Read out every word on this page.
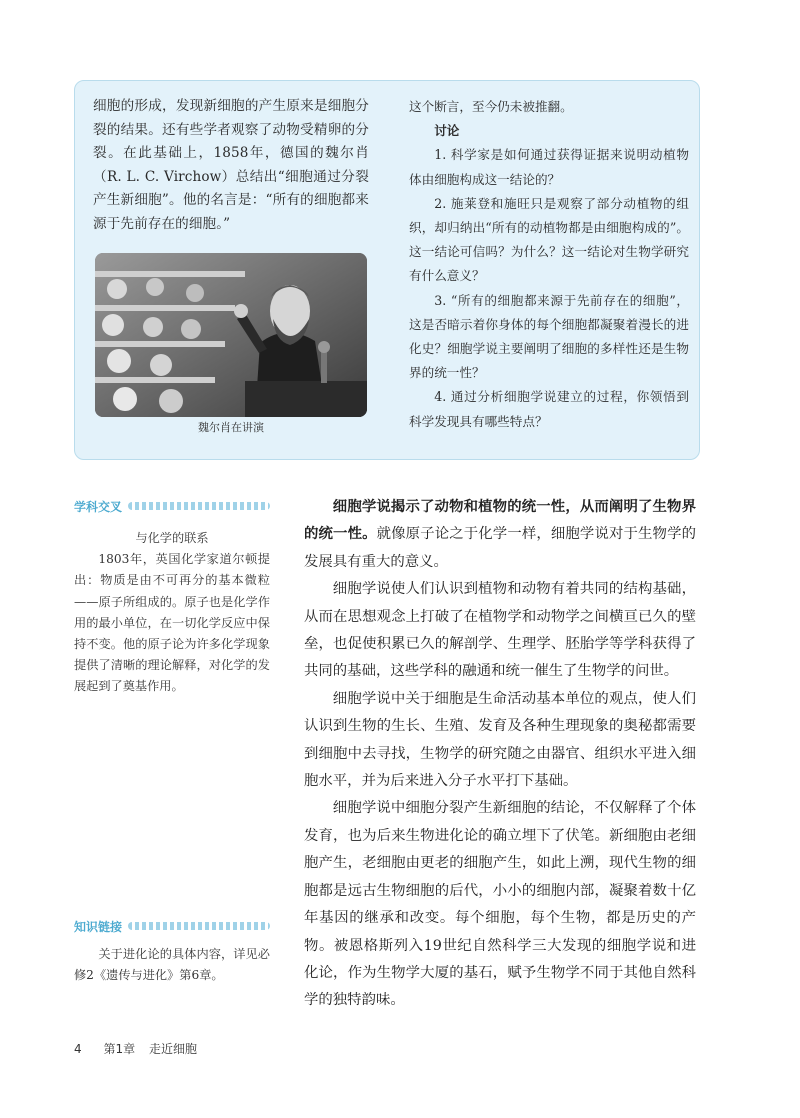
细胞的形成，发现新细胞的产生原来是细胞分裂的结果。还有些学者观察了动物受精卵的分裂。在此基础上，1858年，德国的魏尔肖（R. L. C. Virchow）总结出“细胞通过分裂产生新细胞”。他的名言是：“所有的细胞都来源于先前存在的细胞。”

魏尔肖在讲演

这个断言，至今仍未被推翻。

讨论

1. 科学家是如何通过获得证据来说明动植物体由细胞构成这一结论的？

2. 施莱登和施旺只是观察了部分动植物的组织，却归纳出“所有的动植物都是由细胞构成的”。这一结论可信吗？为什么？这一结论对生物学研究有什么意义？

3. “所有的细胞都来源于先前存在的细胞”，这是否暗示着你身体的每个细胞都凝聚着漫长的进化史？细胞学说主要阐明了细胞的多样性还是生物界的统一性？

4. 通过分析细胞学说建立的过程，你领悟到科学发现具有哪些特点？

学科交叉

与化学的联系

1803年，英国化学家道尔顿提出：物质是由不可再分的基本微粒——原子所组成的。原子也是化学作用的最小单位，在一切化学反应中保持不变。他的原子论为许多化学现象提供了清晰的理论解释，对化学的发展起到了奠基作用。

知识链接

关于进化论的具体内容，详见必修2《遗传与进化》第6章。

细胞学说揭示了动物和植物的统一性，从而阐明了生物界的统一性。就像原子论之于化学一样，细胞学说对于生物学的发展具有重大的意义。

细胞学说使人们认识到植物和动物有着共同的结构基础，从而在思想观念上打破了在植物学和动物学之间横亘已久的壁垒，也促使积累已久的解剖学、生理学、胚胎学等学科获得了共同的基础，这些学科的融通和统一催生了生物学的问世。

细胞学说中关于细胞是生命活动基本单位的观点，使人们认识到生物的生长、生殖、发育及各种生理现象的奥秘都需要到细胞中去寻找，生物学的研究随之由器官、组织水平进入细胞水平，并为后来进入分子水平打下基础。

细胞学说中细胞分裂产生新细胞的结论，不仅解释了个体发育，也为后来生物进化论的确立埋下了伏笔。新细胞由老细胞产生，老细胞由更老的细胞产生，如此上溯，现代生物的细胞都是远古生物细胞的后代，小小的细胞内部，凝聚着数十亿年基因的继承和改变。每个细胞，每个生物，都是历史的产物。被恩格斯列入19世纪自然科学三大发现的细胞学说和进化论，作为生物学大厦的基石，赋予生物学不同于其他自然科学的独特韵味。

4 第1章 走近细胞
